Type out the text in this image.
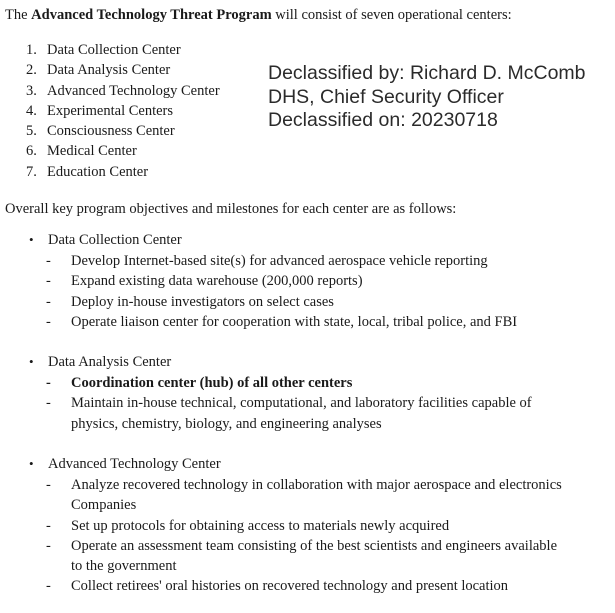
The Advanced Technology Threat Program will consist of seven operational centers:
1. Data Collection Center
2. Data Analysis Center
3. Advanced Technology Center
4. Experimental Centers
5. Consciousness Center
6. Medical Center
7. Education Center
Declassified by: Richard D. McComb
DHS, Chief Security Officer
Declassified on: 20230718
Overall key program objectives and milestones for each center are as follows:
• Data Collection Center
- Develop Internet-based site(s) for advanced aerospace vehicle reporting
- Expand existing data warehouse (200,000 reports)
- Deploy in-house investigators on select cases
- Operate liaison center for cooperation with state, local, tribal police, and FBI
• Data Analysis Center
- Coordination center (hub) of all other centers
- Maintain in-house technical, computational, and laboratory facilities capable of
physics, chemistry, biology, and engineering analyses
• Advanced Technology Center
- Analyze recovered technology in collaboration with major aerospace and electronics
Companies
- Set up protocols for obtaining access to materials newly acquired
- Operate an assessment team consisting of the best scientists and engineers available
to the government
- Collect retirees' oral histories on recovered technology and present location
